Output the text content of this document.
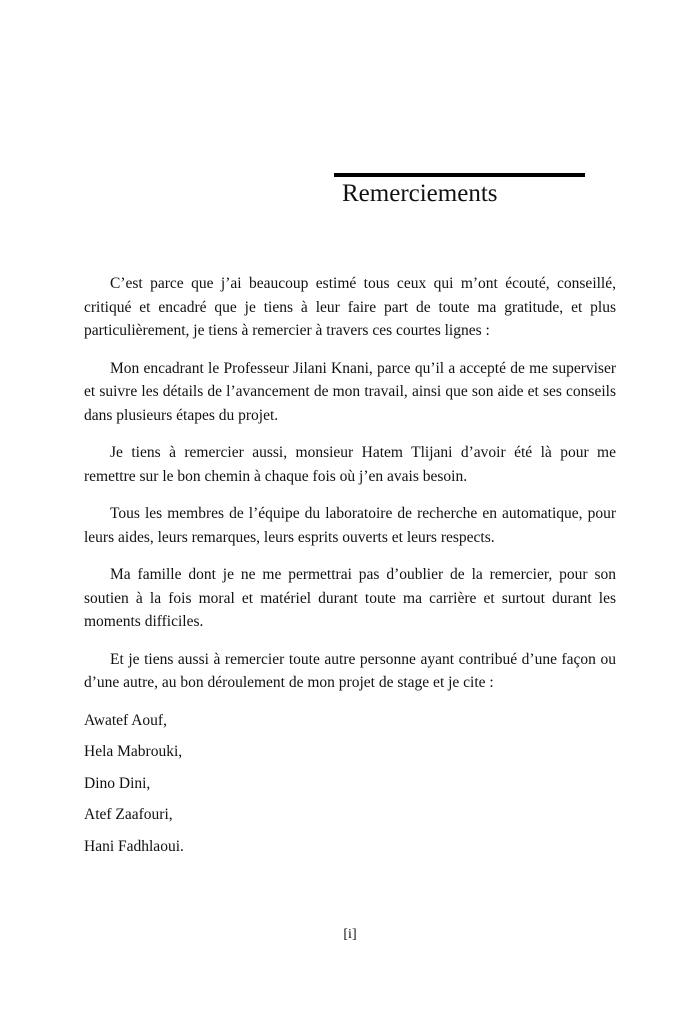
Remerciements

C’est parce que j’ai beaucoup estimé tous ceux qui m’ont écouté, conseillé, critiqué et encadré que je tiens à leur faire part de toute ma gratitude, et plus particulièrement, je tiens à remercier à travers ces courtes lignes :

Mon encadrant le Professeur Jilani Knani, parce qu’il a accepté de me superviser et suivre les détails de l’avancement de mon travail, ainsi que son aide et ses conseils dans plusieurs étapes du projet.

Je tiens à remercier aussi, monsieur Hatem Tlijani d’avoir été là pour me remettre sur le bon chemin à chaque fois où j’en avais besoin.

Tous les membres de l’équipe du laboratoire de recherche en automatique, pour leurs aides, leurs remarques, leurs esprits ouverts et leurs respects.

Ma famille dont je ne me permettrai pas d’oublier de la remercier, pour son soutien à la fois moral et matériel durant toute ma carrière et surtout durant les moments difficiles.

Et je tiens aussi à remercier toute autre personne ayant contribué d’une façon ou d’une autre, au bon déroulement de mon projet de stage et je cite :

Awatef Aouf,
Hela Mabrouki,
Dino Dini,
Atef Zaafouri,
Hani Fadhlaoui.
[i]
